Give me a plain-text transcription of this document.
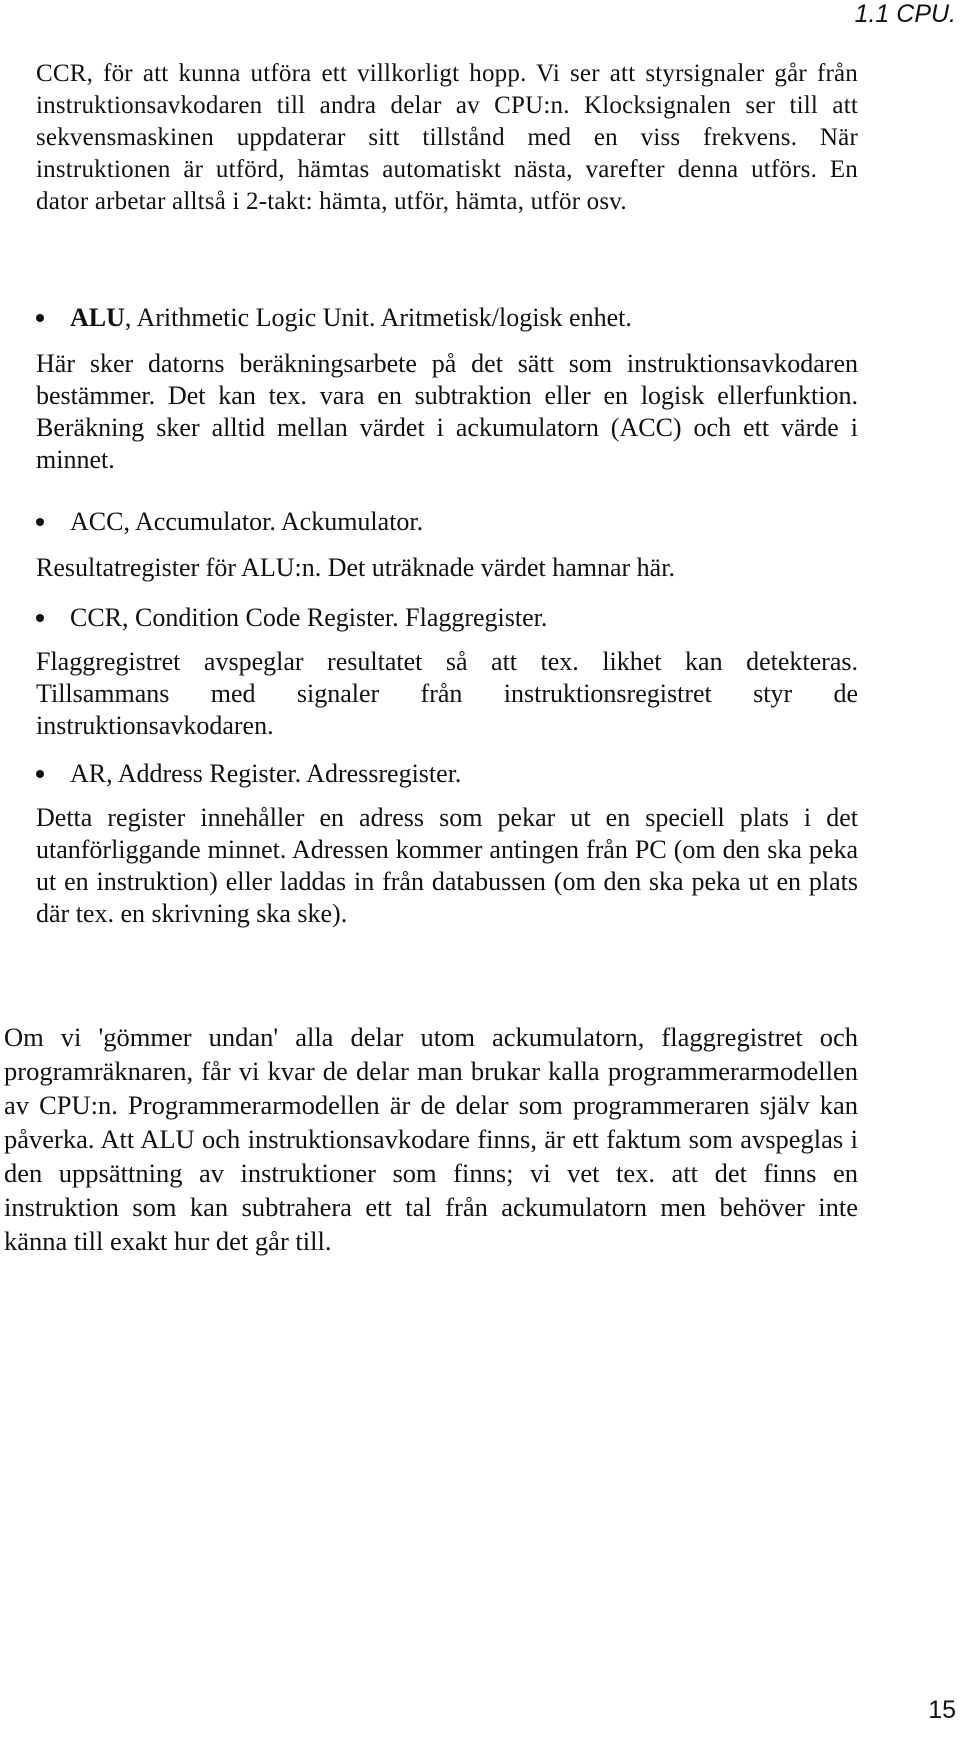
1.1 CPU.

CCR, för att kunna utföra ett villkorligt hopp. Vi ser att styrsignaler går från instruktionsavkodaren till andra delar av CPU:n. Klocksignalen ser till att sekvensmaskinen uppdaterar sitt tillstånd med en viss frekvens. När instruktionen är utförd, hämtas automatiskt nästa, varefter denna utförs. En dator arbetar alltså i 2-takt: hämta, utför, hämta, utför osv.

ALU, Arithmetic Logic Unit. Aritmetisk/logisk enhet.

Här sker datorns beräkningsarbete på det sätt som instruktionsavkodaren bestämmer. Det kan tex. vara en subtraktion eller en logisk ellerfunktion. Beräkning sker alltid mellan värdet i ackumulatorn (ACC) och ett värde i minnet.

ACC, Accumulator. Ackumulator.

Resultatregister för ALU:n. Det uträknade värdet hamnar här.

CCR, Condition Code Register. Flaggregister.

Flaggregistret avspeglar resultatet så att tex. likhet kan detekteras. Tillsammans med signaler från instruktionsregistret styr de instruktionsavkodaren.

AR, Address Register. Adressregister.

Detta register innehåller en adress som pekar ut en speciell plats i det utanförliggande minnet. Adressen kommer antingen från PC (om den ska peka ut en instruktion) eller laddas in från databussen (om den ska peka ut en plats där tex. en skrivning ska ske).

Om vi 'gömmer undan' alla delar utom ackumulatorn, flaggregistret och programräknaren, får vi kvar de delar man brukar kalla programmerarmodellen av CPU:n. Programmerarmodellen är de delar som programmeraren själv kan påverka. Att ALU och instruktionsavkodare finns, är ett faktum som avspeglas i den uppsättning av instruktioner som finns; vi vet tex. att det finns en instruktion som kan subtrahera ett tal från ackumulatorn men behöver inte känna till exakt hur det går till.

15
